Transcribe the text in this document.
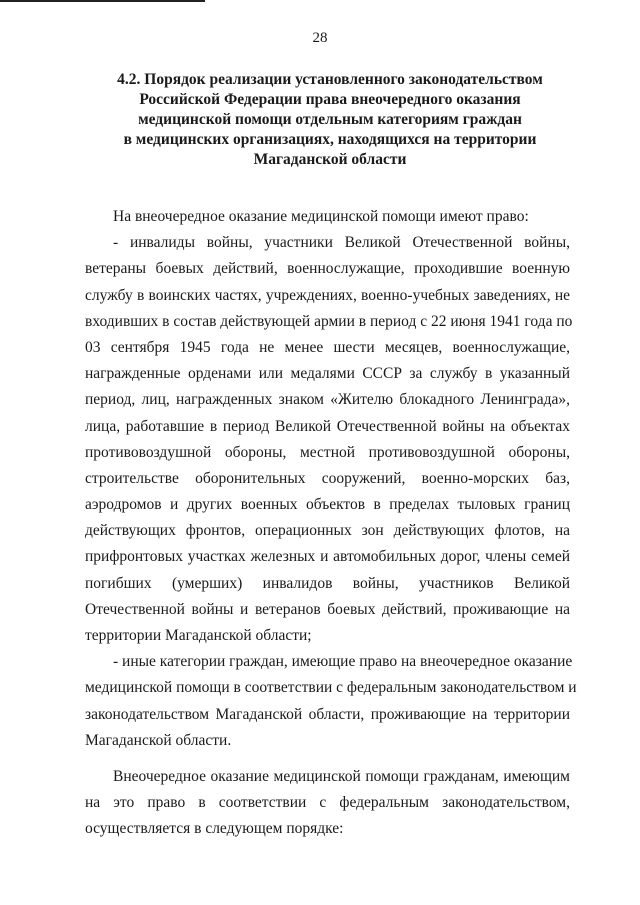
28
4.2. Порядок реализации установленного законодательством
Российской Федерации права внеочередного оказания
медицинской помощи отдельным категориям граждан
в медицинских организациях, находящихся на территории
Магаданской области
На внеочередное оказание медицинской помощи имеют право:
- инвалиды войны, участники Великой Отечественной войны,
ветераны боевых действий, военнослужащие, проходившие военную
службу в воинских частях, учреждениях, военно-учебных заведениях, не
входивших в состав действующей армии в период с 22 июня 1941 года по
03 сентября 1945 года не менее шести месяцев, военнослужащие,
награжденные орденами или медалями СССР за службу в указанный
период, лиц, награжденных знаком «Жителю блокадного Ленинграда»,
лица, работавшие в период Великой Отечественной войны на объектах
противовоздушной обороны, местной противовоздушной обороны,
строительстве оборонительных сооружений, военно-морских баз,
аэродромов и других военных объектов в пределах тыловых границ
действующих фронтов, операционных зон действующих флотов, на
прифронтовых участках железных и автомобильных дорог, члены семей
погибших (умерших) инвалидов войны, участников Великой
Отечественной войны и ветеранов боевых действий, проживающие на
территории Магаданской области;
- иные категории граждан, имеющие право на внеочередное оказание
медицинской помощи в соответствии с федеральным законодательством и
законодательством Магаданской области, проживающие на территории
Магаданской области.
Внеочередное оказание медицинской помощи гражданам, имеющим
на это право в соответствии с федеральным законодательством,
осуществляется в следующем порядке:
